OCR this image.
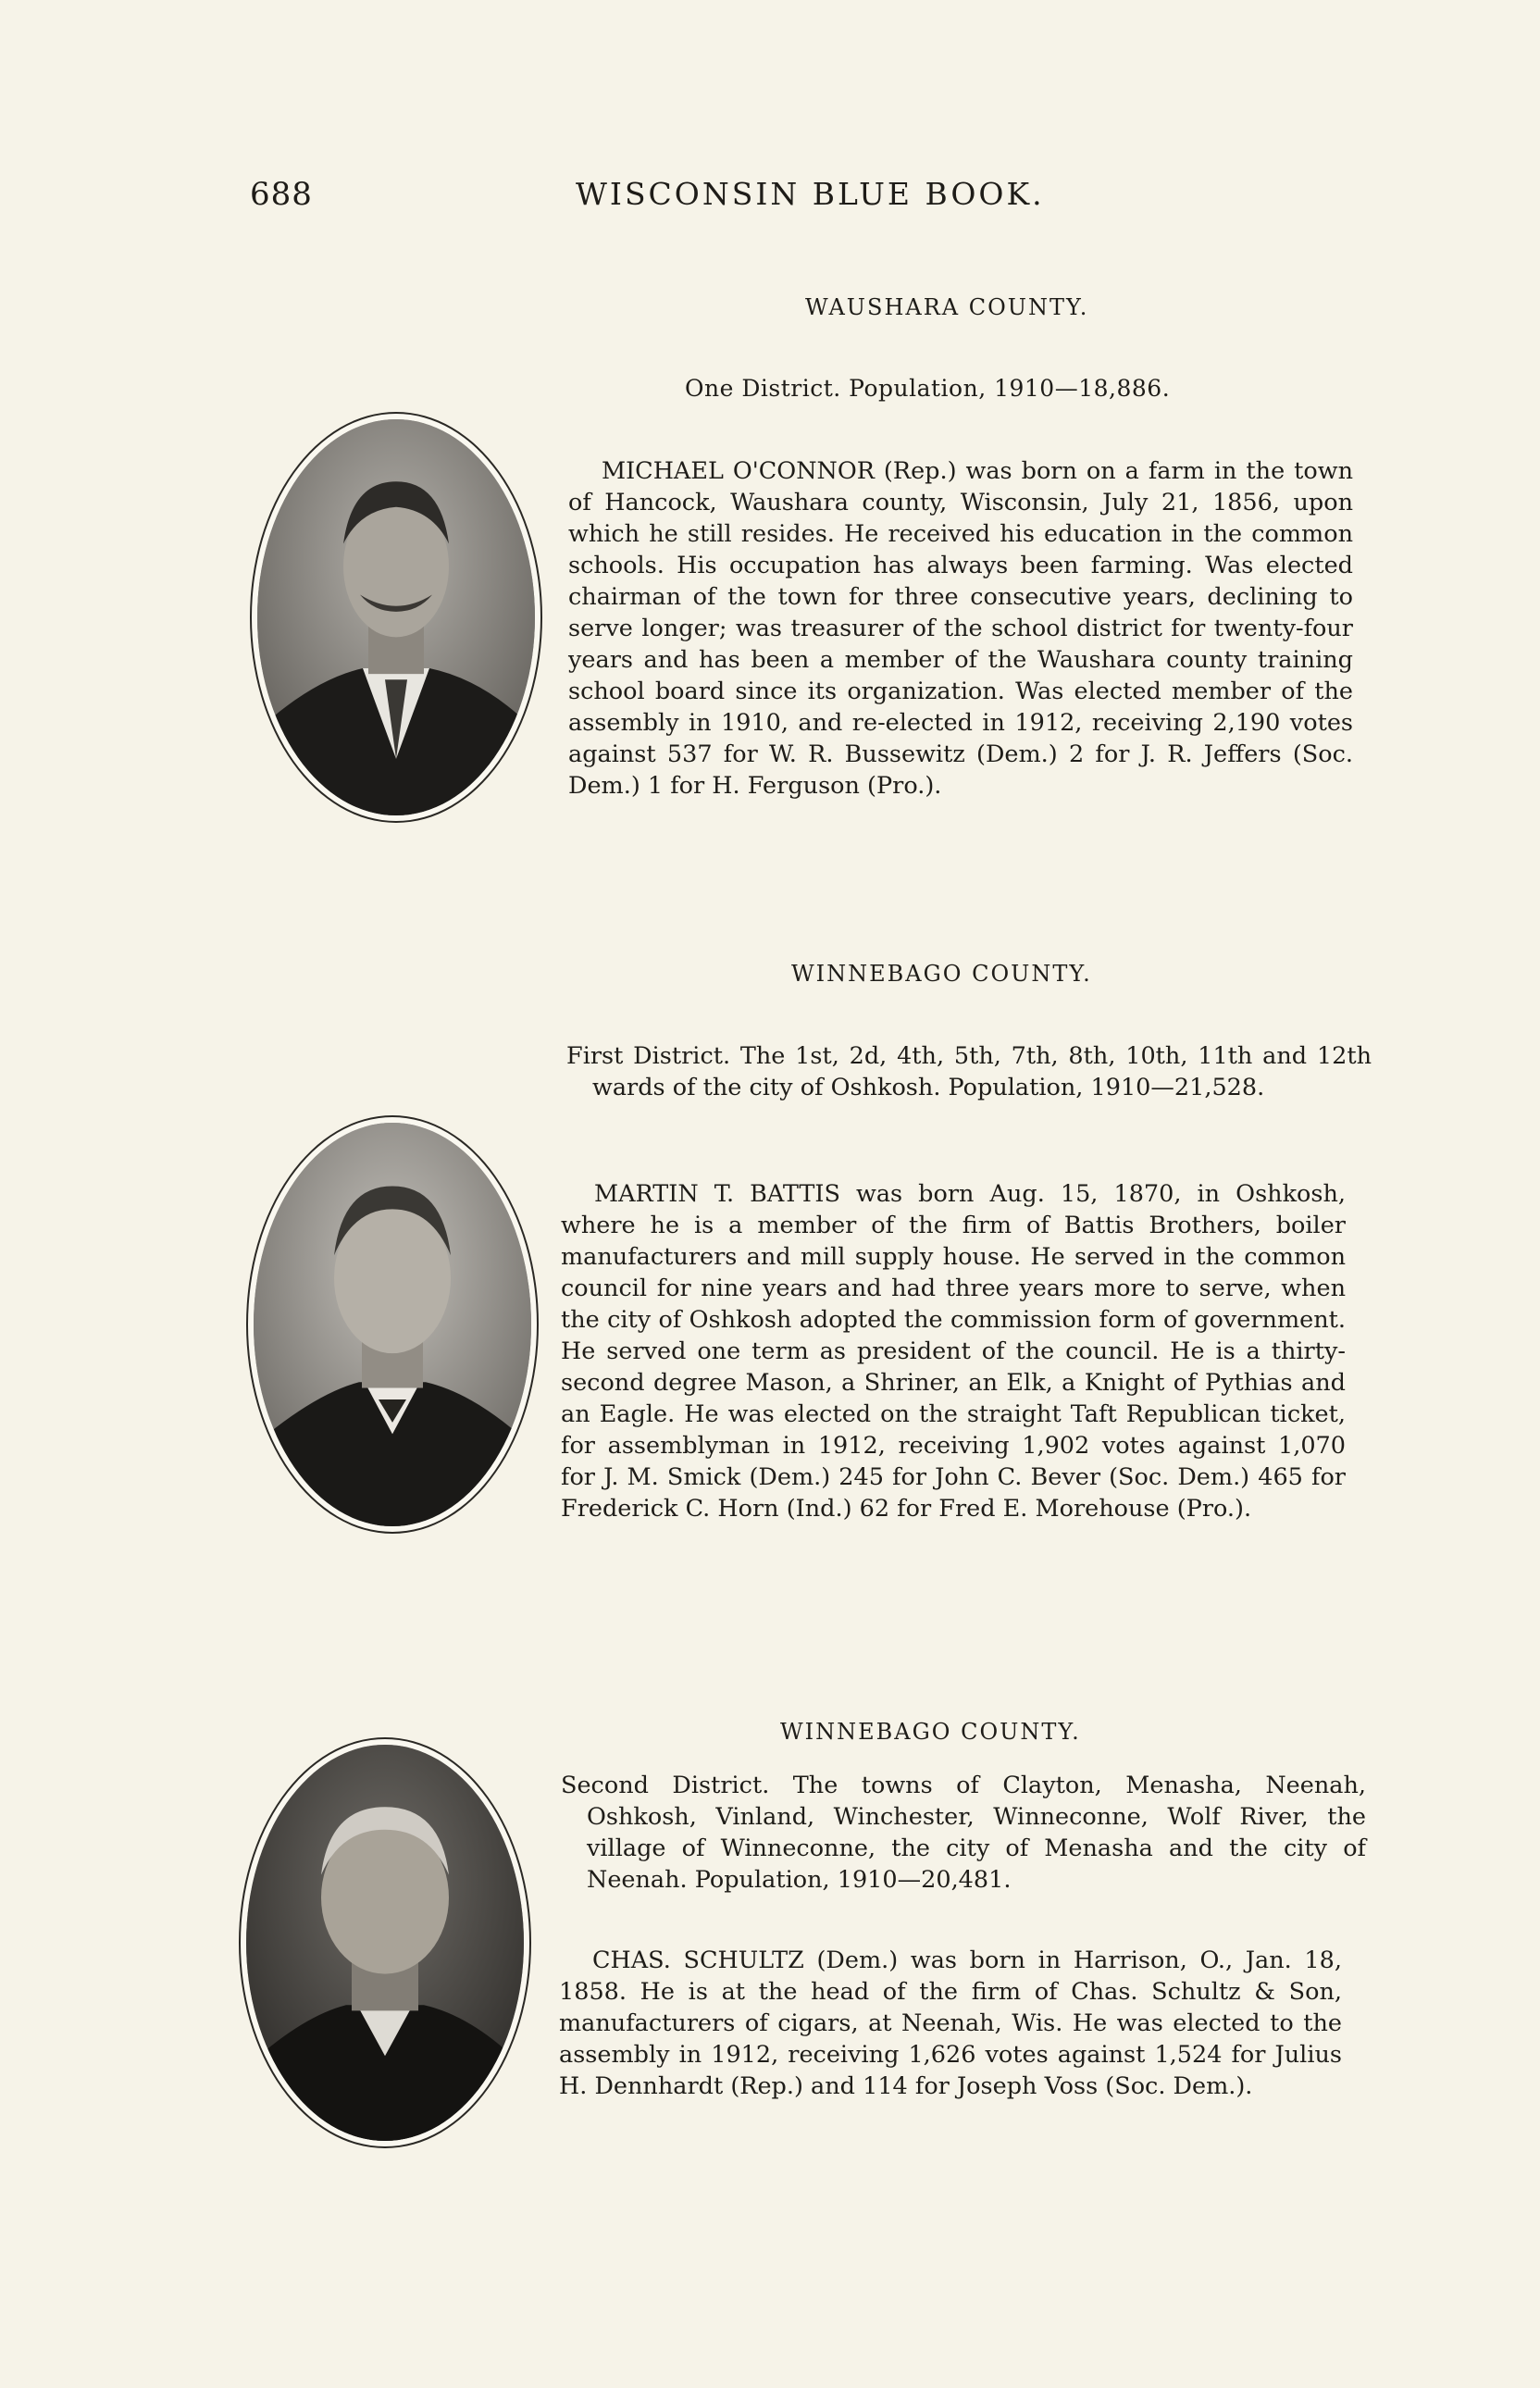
688	WISCONSIN BLUE BOOK.
WAUSHARA COUNTY.
One District. Population, 1910—18,886.

MICHAEL O'CONNOR (Rep.) was born on a farm in the town of Hancock, Waushara county, Wisconsin, July 21, 1856, upon which he still resides. He received his education in the common schools. His occupation has always been farming. Was elected chairman of the town for three consecutive years, declining to serve longer; was treasurer of the school district for twenty-four years and has been a member of the Waushara county training school board since its organization. Was elected member of the assembly in 1910, and re-elected in 1912, receiving 2,190 votes against 537 for W. R. Bussewitz (Dem.) 2 for J. R. Jeffers (Soc. Dem.) 1 for H. Ferguson (Pro.).

WINNEBAGO COUNTY.

First District. The 1st, 2d, 4th, 5th, 7th, 8th, 10th, 11th and 12th wards of the city of Oshkosh. Population, 1910—21,528.

MARTIN T. BATTIS was born Aug. 15, 1870, in Oshkosh, where he is a member of the firm of Battis Brothers, boiler manufacturers and mill supply house. He served in the common council for nine years and had three years more to serve, when the city of Oshkosh adopted the commission form of government. He served one term as president of the council. He is a thirty-second degree Mason, a Shriner, an Elk, a Knight of Pythias and an Eagle. He was elected on the straight Taft Republican ticket, for assemblyman in 1912, receiving 1,902 votes against 1,070 for J. M. Smick (Dem.) 245 for John C. Bever (Soc. Dem.) 465 for Frederick C. Horn (Ind.) 62 for Fred E. Morehouse (Pro.).

WINNEBAGO COUNTY.

Second District. The towns of Clayton, Menasha, Neenah, Oshkosh, Vinland, Winchester, Winneconne, Wolf River, the village of Winneconne, the city of Menasha and the city of Neenah. Population, 1910—20,481.

CHAS. SCHULTZ (Dem.) was born in Harrison, O., Jan. 18, 1858. He is at the head of the firm of Chas. Schultz & Son, manufacturers of cigars, at Neenah, Wis. He was elected to the assembly in 1912, receiving 1,626 votes against 1,524 for Julius H. Dennhardt (Rep.) and 114 for Joseph Voss (Soc. Dem.).
